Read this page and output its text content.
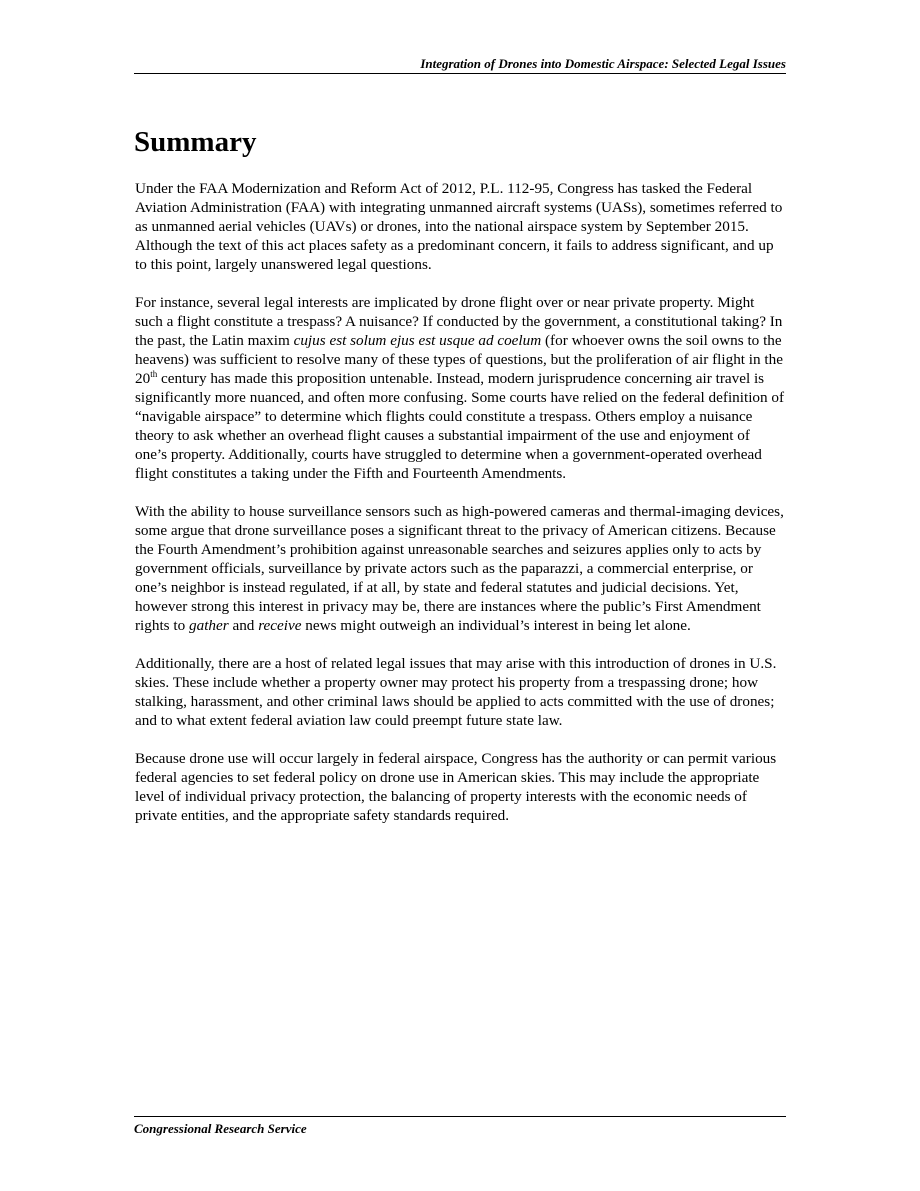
Integration of Drones into Domestic Airspace: Selected Legal Issues
Summary

Under the FAA Modernization and Reform Act of 2012, P.L. 112-95, Congress has tasked the Federal Aviation Administration (FAA) with integrating unmanned aircraft systems (UASs), sometimes referred to as unmanned aerial vehicles (UAVs) or drones, into the national airspace system by September 2015. Although the text of this act places safety as a predominant concern, it fails to address significant, and up to this point, largely unanswered legal questions.

For instance, several legal interests are implicated by drone flight over or near private property. Might such a flight constitute a trespass? A nuisance? If conducted by the government, a constitutional taking? In the past, the Latin maxim cujus est solum ejus est usque ad coelum (for whoever owns the soil owns to the heavens) was sufficient to resolve many of these types of questions, but the proliferation of air flight in the 20th century has made this proposition untenable. Instead, modern jurisprudence concerning air travel is significantly more nuanced, and often more confusing. Some courts have relied on the federal definition of “navigable airspace” to determine which flights could constitute a trespass. Others employ a nuisance theory to ask whether an overhead flight causes a substantial impairment of the use and enjoyment of one’s property. Additionally, courts have struggled to determine when a government-operated overhead flight constitutes a taking under the Fifth and Fourteenth Amendments.

With the ability to house surveillance sensors such as high-powered cameras and thermal-imaging devices, some argue that drone surveillance poses a significant threat to the privacy of American citizens. Because the Fourth Amendment’s prohibition against unreasonable searches and seizures applies only to acts by government officials, surveillance by private actors such as the paparazzi, a commercial enterprise, or one’s neighbor is instead regulated, if at all, by state and federal statutes and judicial decisions. Yet, however strong this interest in privacy may be, there are instances where the public’s First Amendment rights to gather and receive news might outweigh an individual’s interest in being let alone.

Additionally, there are a host of related legal issues that may arise with this introduction of drones in U.S. skies. These include whether a property owner may protect his property from a trespassing drone; how stalking, harassment, and other criminal laws should be applied to acts committed with the use of drones; and to what extent federal aviation law could preempt future state law.

Because drone use will occur largely in federal airspace, Congress has the authority or can permit various federal agencies to set federal policy on drone use in American skies. This may include the appropriate level of individual privacy protection, the balancing of property interests with the economic needs of private entities, and the appropriate safety standards required.

Congressional Research Service
